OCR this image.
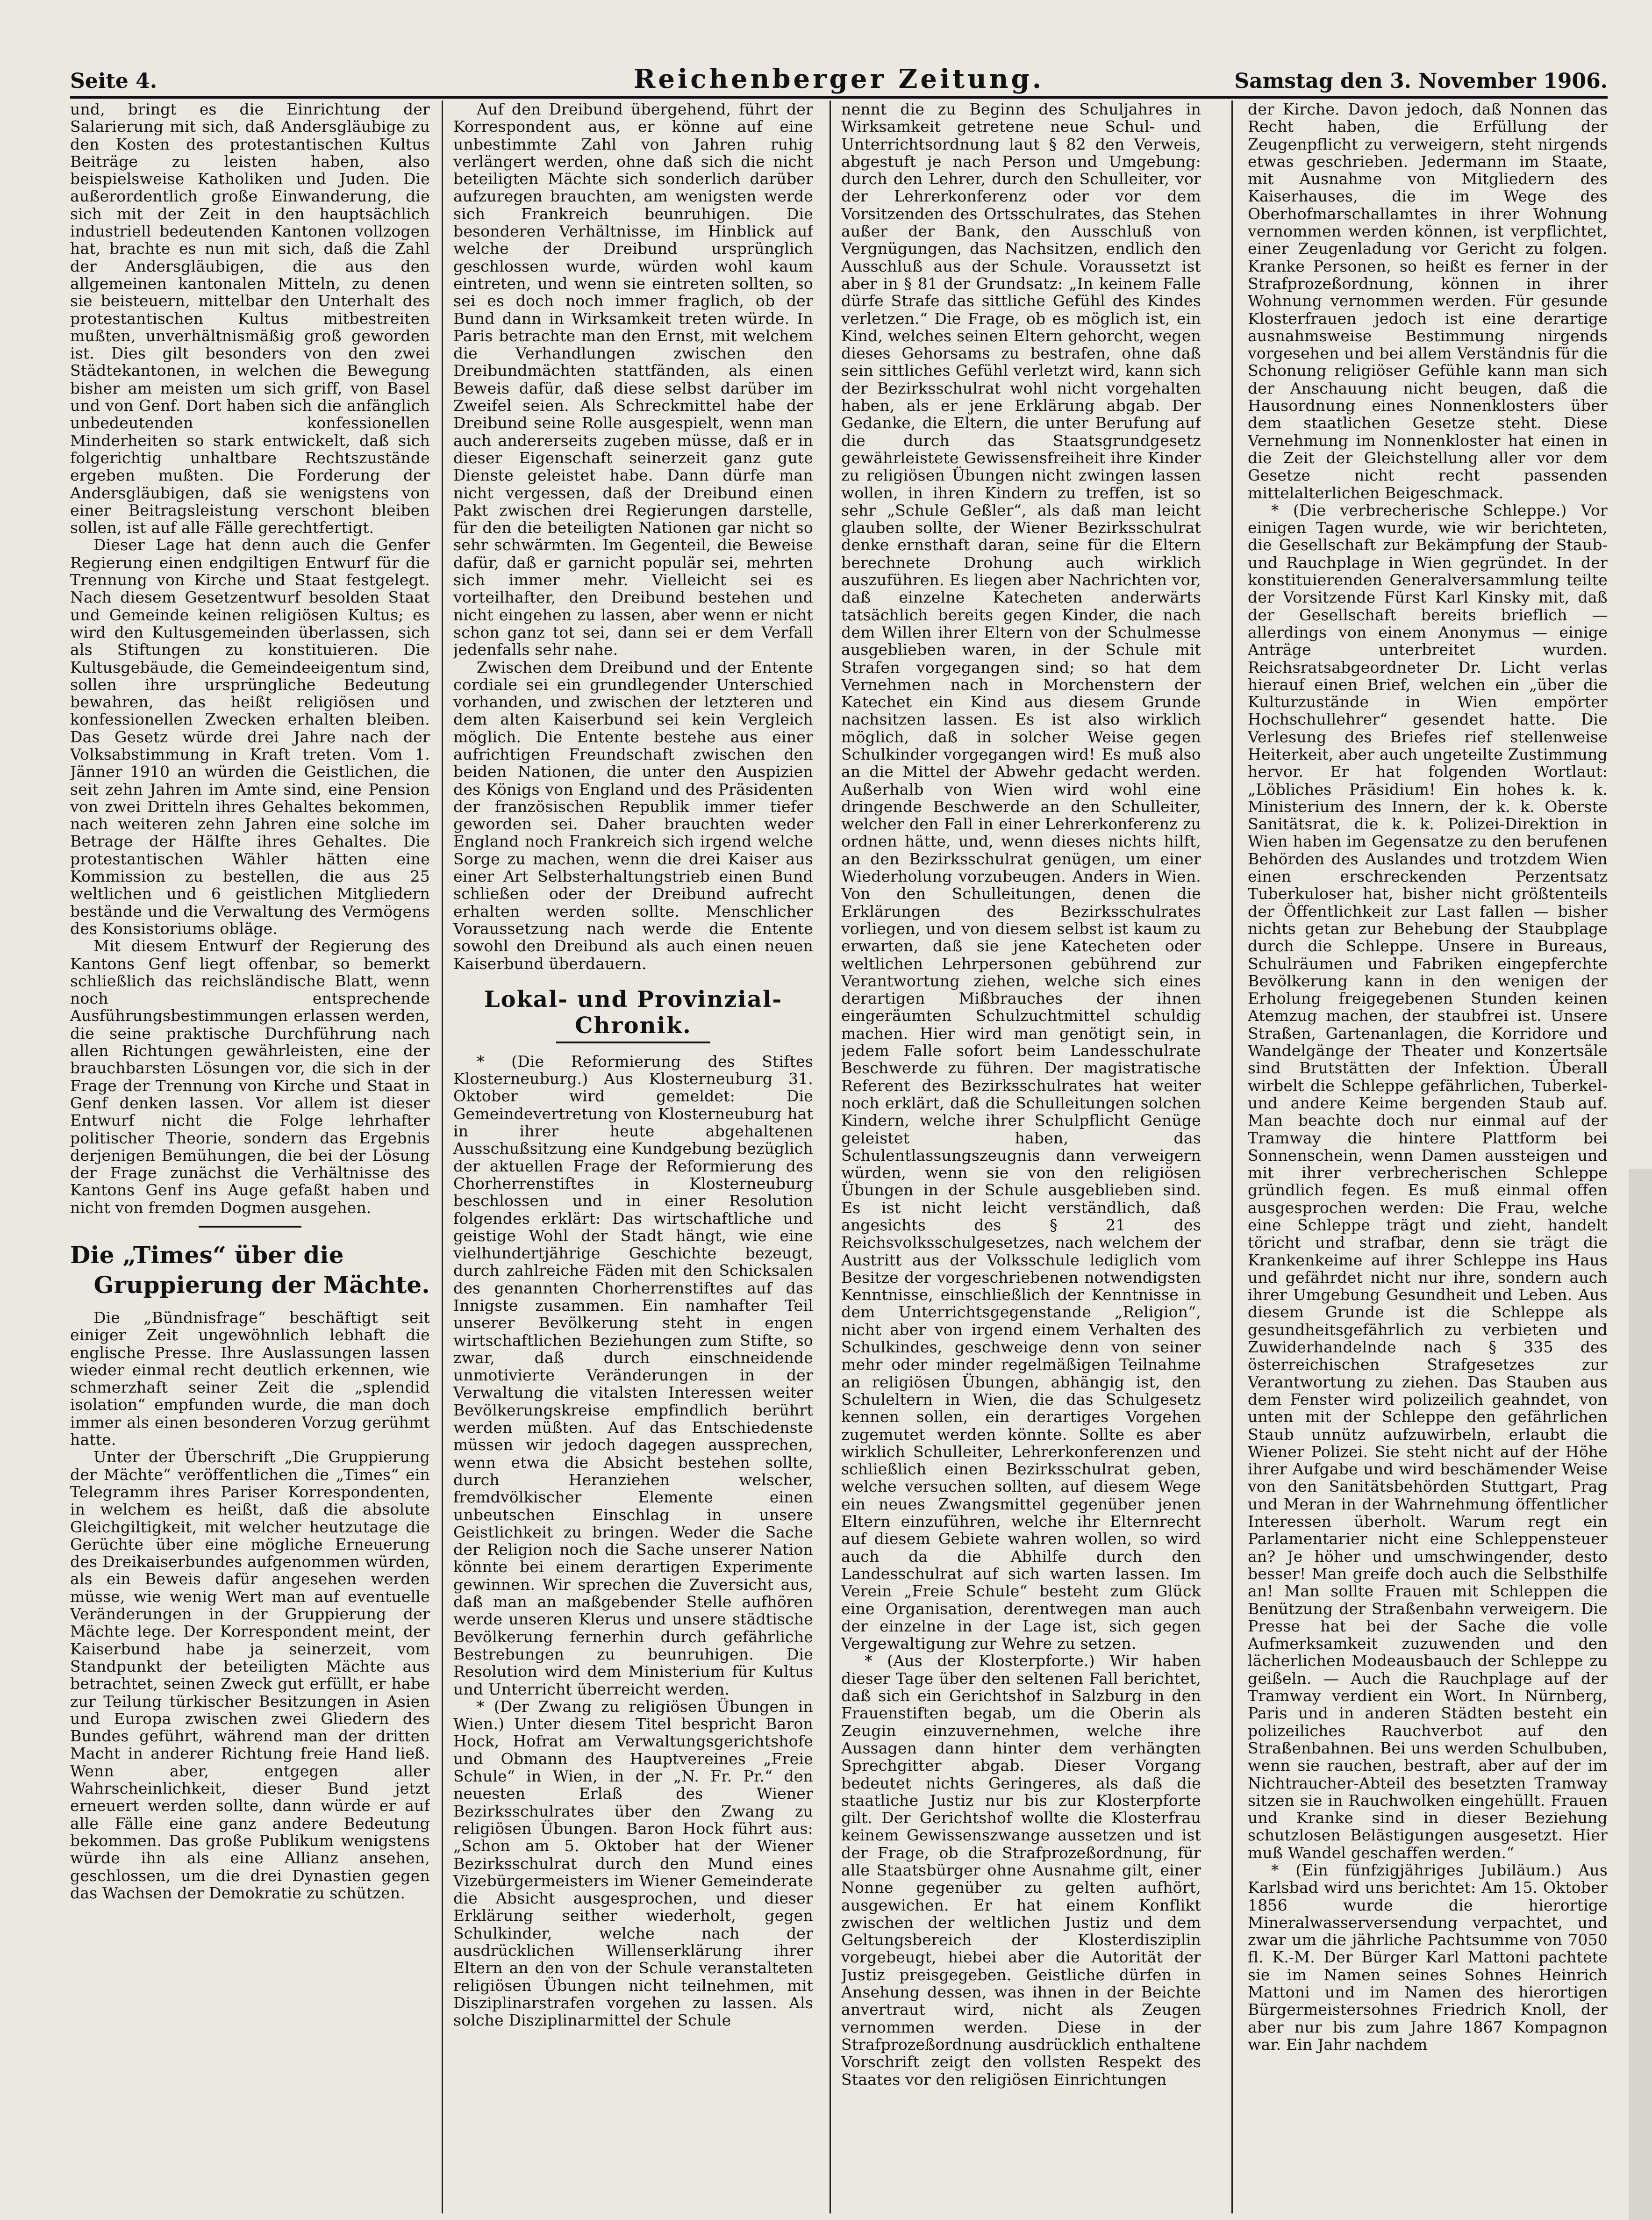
Seite 4.	Reichenberger Zeitung.	Samstag den 3. November 1906.

und, bringt es die Einrichtung der Salarierung mit sich, daß Andersgläubige zu den Kosten des protestantischen Kultus Beiträge zu leisten haben, also beispielsweise Katholiken und Juden. Die außerordentlich große Einwanderung, die sich mit der Zeit in den hauptsächlich industriell bedeutenden Kantonen vollzogen hat, brachte es nun mit sich, daß die Zahl der Andersgläubigen, die aus den allgemeinen kantonalen Mitteln, zu denen sie beisteuern, mittelbar den Unterhalt des protestantischen Kultus mitbestreiten mußten, unverhältnismäßig groß geworden ist. Dies gilt besonders von den zwei Städtekantonen, in welchen die Bewegung bisher am meisten um sich griff, von Basel und von Genf. Dort haben sich die anfänglich unbedeutenden konfessionellen Minderheiten so stark entwickelt, daß sich folgerichtig unhaltbare Rechtszustände ergeben mußten. Die Forderung der Andersgläubigen, daß sie wenigstens von einer Beitragsleistung verschont bleiben sollen, ist auf alle Fälle gerechtfertigt.

Dieser Lage hat denn auch die Genfer Regierung einen endgiltigen Entwurf für die Trennung von Kirche und Staat festgelegt. Nach diesem Gesetzentwurf besolden Staat und Gemeinde keinen religiösen Kultus; es wird den Kultusgemeinden überlassen, sich als Stiftungen zu konstituieren. Die Kultusgebäude, die Gemeindeeigentum sind, sollen ihre ursprüngliche Bedeutung bewahren, das heißt religiösen und konfessionellen Zwecken erhalten bleiben. Das Gesetz würde drei Jahre nach der Volksabstimmung in Kraft treten. Vom 1. Jänner 1910 an würden die Geistlichen, die seit zehn Jahren im Amte sind, eine Pension von zwei Dritteln ihres Gehaltes bekommen, nach weiteren zehn Jahren eine solche im Betrage der Hälfte ihres Gehaltes. Die protestantischen Wähler hätten eine Kommission zu bestellen, die aus 25 weltlichen und 6 geistlichen Mitgliedern bestände und die Verwaltung des Vermögens des Konsistoriums obläge.

Mit diesem Entwurf der Regierung des Kantons Genf liegt offenbar, so bemerkt schließlich das reichsländische Blatt, wenn noch entsprechende Ausführungsbestimmungen erlassen werden, die seine praktische Durchführung nach allen Richtungen gewährleisten, eine der brauchbarsten Lösungen vor, die sich in der Frage der Trennung von Kirche und Staat in Genf denken lassen. Vor allem ist dieser Entwurf nicht die Folge lehrhafter politischer Theorie, sondern das Ergebnis derjenigen Bemühungen, die bei der Lösung der Frage zunächst die Verhältnisse des Kantons Genf ins Auge gefaßt haben und nicht von fremden Dogmen ausgehen.

Die „Times“ über die
Gruppierung der Mächte.

Die „Bündnisfrage“ beschäftigt seit einiger Zeit ungewöhnlich lebhaft die englische Presse. Ihre Auslassungen lassen wieder einmal recht deutlich erkennen, wie schmerzhaft seiner Zeit die „splendid isolation“ empfunden wurde, die man doch immer als einen besonderen Vorzug gerühmt hatte.

Unter der Überschrift „Die Gruppierung der Mächte“ veröffentlichen die „Times“ ein Telegramm ihres Pariser Korrespondenten, in welchem es heißt, daß die absolute Gleichgiltigkeit, mit welcher heutzutage die Gerüchte über eine mögliche Erneuerung des Dreikaiserbundes aufgenommen würden, als ein Beweis dafür angesehen werden müsse, wie wenig Wert man auf eventuelle Veränderungen in der Gruppierung der Mächte lege. Der Korrespondent meint, der Kaiserbund habe ja seinerzeit, vom Standpunkt der beteiligten Mächte aus betrachtet, seinen Zweck gut erfüllt, er habe zur Teilung türkischer Besitzungen in Asien und Europa zwischen zwei Gliedern des Bundes geführt, während man der dritten Macht in anderer Richtung freie Hand ließ. Wenn aber, entgegen aller Wahrscheinlichkeit, dieser Bund jetzt erneuert werden sollte, dann würde er auf alle Fälle eine ganz andere Bedeutung bekommen. Das große Publikum wenigstens würde ihn als eine Allianz ansehen, geschlossen, um die drei Dynastien gegen das Wachsen der Demokratie zu schützen.

Auf den Dreibund übergehend, führt der Korrespondent aus, er könne auf eine unbestimmte Zahl von Jahren ruhig verlängert werden, ohne daß sich die nicht beteiligten Mächte sich sonderlich darüber aufzuregen brauchten, am wenigsten werde sich Frankreich beunruhigen. Die besonderen Verhältnisse, im Hinblick auf welche der Dreibund ursprünglich geschlossen wurde, würden wohl kaum eintreten, und wenn sie eintreten sollten, so sei es doch noch immer fraglich, ob der Bund dann in Wirksamkeit treten würde. In Paris betrachte man den Ernst, mit welchem die Verhandlungen zwischen den Dreibundmächten stattfänden, als einen Beweis dafür, daß diese selbst darüber im Zweifel seien. Als Schreckmittel habe der Dreibund seine Rolle ausgespielt, wenn man auch andererseits zugeben müsse, daß er in dieser Eigenschaft seinerzeit ganz gute Dienste geleistet habe. Dann dürfe man nicht vergessen, daß der Dreibund einen Pakt zwischen drei Regierungen darstelle, für den die beteiligten Nationen gar nicht so sehr schwärmten. Im Gegenteil, die Beweise dafür, daß er garnicht populär sei, mehrten sich immer mehr. Vielleicht sei es vorteilhafter, den Dreibund bestehen und nicht eingehen zu lassen, aber wenn er nicht schon ganz tot sei, dann sei er dem Verfall jedenfalls sehr nahe.

Zwischen dem Dreibund und der Entente cordiale sei ein grundlegender Unterschied vorhanden, und zwischen der letzteren und dem alten Kaiserbund sei kein Vergleich möglich. Die Entente bestehe aus einer aufrichtigen Freundschaft zwischen den beiden Nationen, die unter den Auspizien des Königs von England und des Präsidenten der französischen Republik immer tiefer geworden sei. Daher brauchten weder England noch Frankreich sich irgend welche Sorge zu machen, wenn die drei Kaiser aus einer Art Selbsterhaltungstrieb einen Bund schließen oder der Dreibund aufrecht erhalten werden sollte. Menschlicher Voraussetzung nach werde die Entente sowohl den Dreibund als auch einen neuen Kaiserbund überdauern.

Lokal- und Provinzial-Chronik.

* (Die Reformierung des Stiftes Klosterneuburg.) Aus Klosterneuburg 31. Oktober wird gemeldet: Die Gemeindevertretung von Klosterneuburg hat in ihrer heute abgehaltenen Ausschußsitzung eine Kundgebung bezüglich der aktuellen Frage der Reformierung des Chorherrenstiftes in Klosterneuburg beschlossen und in einer Resolution folgendes erklärt: Das wirtschaftliche und geistige Wohl der Stadt hängt, wie eine vielhundertjährige Geschichte bezeugt, durch zahlreiche Fäden mit den Schicksalen des genannten Chorherrenstiftes auf das Innigste zusammen. Ein namhafter Teil unserer Bevölkerung steht in engen wirtschaftlichen Beziehungen zum Stifte, so zwar, daß durch einschneidende unmotivierte Veränderungen in der Verwaltung die vitalsten Interessen weiter Bevölkerungskreise empfindlich berührt werden müßten. Auf das Entschiedenste müssen wir jedoch dagegen aussprechen, wenn etwa die Absicht bestehen sollte, durch Heranziehen welscher, fremdvölkischer Elemente einen unbeutschen Einschlag in unsere Geistlichkeit zu bringen. Weder die Sache der Religion noch die Sache unserer Nation könnte bei einem derartigen Experimente gewinnen. Wir sprechen die Zuversicht aus, daß man an maßgebender Stelle aufhören werde unseren Klerus und unsere städtische Bevölkerung fernerhin durch gefährliche Bestrebungen zu beunruhigen. Die Resolution wird dem Ministerium für Kultus und Unterricht überreicht werden.

* (Der Zwang zu religiösen Übungen in Wien.) Unter diesem Titel bespricht Baron Hock, Hofrat am Verwaltungsgerichtshofe und Obmann des Hauptvereines „Freie Schule“ in Wien, in der „N. Fr. Pr.“ den neuesten Erlaß des Wiener Bezirksschulrates über den Zwang zu religiösen Übungen. Baron Hock führt aus: „Schon am 5. Oktober hat der Wiener Bezirksschulrat durch den Mund eines Vizebürgermeisters im Wiener Gemeinderate die Absicht ausgesprochen, und dieser Erklärung seither wiederholt, gegen Schulkinder, welche nach der ausdrücklichen Willenserklärung ihrer Eltern an den von der Schule veranstalteten religiösen Übungen nicht teilnehmen, mit Disziplinarstrafen vorgehen zu lassen. Als solche Disziplinarmittel der Schule

nennt die zu Beginn des Schuljahres in Wirksamkeit getretene neue Schul- und Unterrichtsordnung laut § 82 den Verweis, abgestuft je nach Person und Umgebung: durch den Lehrer, durch den Schulleiter, vor der Lehrerkonferenz oder vor dem Vorsitzenden des Ortsschulrates, das Stehen außer der Bank, den Ausschluß von Vergnügungen, das Nachsitzen, endlich den Ausschluß aus der Schule. Voraussetzt ist aber in § 81 der Grundsatz: „In keinem Falle dürfe Strafe das sittliche Gefühl des Kindes verletzen.“ Die Frage, ob es möglich ist, ein Kind, welches seinen Eltern gehorcht, wegen dieses Gehorsams zu bestrafen, ohne daß sein sittliches Gefühl verletzt wird, kann sich der Bezirksschulrat wohl nicht vorgehalten haben, als er jene Erklärung abgab. Der Gedanke, die Eltern, die unter Berufung auf die durch das Staatsgrundgesetz gewährleistete Gewissensfreiheit ihre Kinder zu religiösen Übungen nicht zwingen lassen wollen, in ihren Kindern zu treffen, ist so sehr „Schule Geßler“, als daß man leicht glauben sollte, der Wiener Bezirksschulrat denke ernsthaft daran, seine für die Eltern berechnete Drohung auch wirklich auszuführen. Es liegen aber Nachrichten vor, daß einzelne Katecheten anderwärts tatsächlich bereits gegen Kinder, die nach dem Willen ihrer Eltern von der Schulmesse ausgeblieben waren, in der Schule mit Strafen vorgegangen sind; so hat dem Vernehmen nach in Morchenstern der Katechet ein Kind aus diesem Grunde nachsitzen lassen. Es ist also wirklich möglich, daß in solcher Weise gegen Schulkinder vorgegangen wird! Es muß also an die Mittel der Abwehr gedacht werden. Außerhalb von Wien wird wohl eine dringende Beschwerde an den Schulleiter, welcher den Fall in einer Lehrerkonferenz zu ordnen hätte, und, wenn dieses nichts hilft, an den Bezirksschulrat genügen, um einer Wiederholung vorzubeugen. Anders in Wien. Von den Schulleitungen, denen die Erklärungen des Bezirksschulrates vorliegen, und von diesem selbst ist kaum zu erwarten, daß sie jene Katecheten oder weltlichen Lehrpersonen gebührend zur Verantwortung ziehen, welche sich eines derartigen Mißbrauches der ihnen eingeräumten Schulzuchtmittel schuldig machen. Hier wird man genötigt sein, in jedem Falle sofort beim Landesschulrate Beschwerde zu führen. Der magistratische Referent des Bezirksschulrates hat weiter noch erklärt, daß die Schulleitungen solchen Kindern, welche ihrer Schulpflicht Genüge geleistet haben, das Schulentlassungszeugnis dann verweigern würden, wenn sie von den religiösen Übungen in der Schule ausgeblieben sind. Es ist nicht leicht verständlich, daß angesichts des § 21 des Reichsvolksschulgesetzes, nach welchem der Austritt aus der Volksschule lediglich vom Besitze der vorgeschriebenen notwendigsten Kenntnisse, einschließlich der Kenntnisse in dem Unterrichtsgegenstande „Religion“, nicht aber von irgend einem Verhalten des Schulkindes, geschweige denn von seiner mehr oder minder regelmäßigen Teilnahme an religiösen Übungen, abhängig ist, den Schuleltern in Wien, die das Schulgesetz kennen sollen, ein derartiges Vorgehen zugemutet werden könnte. Sollte es aber wirklich Schulleiter, Lehrerkonferenzen und schließlich einen Bezirksschulrat geben, welche versuchen sollten, auf diesem Wege ein neues Zwangsmittel gegenüber jenen Eltern einzuführen, welche ihr Elternrecht auf diesem Gebiete wahren wollen, so wird auch da die Abhilfe durch den Landesschulrat auf sich warten lassen. Im Verein „Freie Schule“ besteht zum Glück eine Organisation, derentwegen man auch der einzelne in der Lage ist, sich gegen Vergewaltigung zur Wehre zu setzen.

* (Aus der Klosterpforte.) Wir haben dieser Tage über den seltenen Fall berichtet, daß sich ein Gerichtshof in Salzburg in den Frauenstiften begab, um die Oberin als Zeugin einzuvernehmen, welche ihre Aussagen dann hinter dem verhängten Sprechgitter abgab. Dieser Vorgang bedeutet nichts Geringeres, als daß die staatliche Justiz nur bis zur Klosterpforte gilt. Der Gerichtshof wollte die Klosterfrau keinem Gewissenszwange aussetzen und ist der Frage, ob die Strafprozeßordnung, für alle Staatsbürger ohne Ausnahme gilt, einer Nonne gegenüber zu gelten aufhört, ausgewichen. Er hat einem Konflikt zwischen der weltlichen Justiz und dem Geltungsbereich der Klosterdisziplin vorgebeugt, hiebei aber die Autorität der Justiz preisgegeben. Geistliche dürfen in Ansehung dessen, was ihnen in der Beichte anvertraut wird, nicht als Zeugen vernommen werden. Diese in der Strafprozeßordnung ausdrücklich enthaltene Vorschrift zeigt den vollsten Respekt des Staates vor den religiösen Einrichtungen

der Kirche. Davon jedoch, daß Nonnen das Recht haben, die Erfüllung der Zeugenpflicht zu verweigern, steht nirgends etwas geschrieben. Jedermann im Staate, mit Ausnahme von Mitgliedern des Kaiserhauses, die im Wege des Oberhofmarschallamtes in ihrer Wohnung vernommen werden können, ist verpflichtet, einer Zeugenladung vor Gericht zu folgen. Kranke Personen, so heißt es ferner in der Strafprozeßordnung, können in ihrer Wohnung vernommen werden. Für gesunde Klosterfrauen jedoch ist eine derartige ausnahmsweise Bestimmung nirgends vorgesehen und bei allem Verständnis für die Schonung religiöser Gefühle kann man sich der Anschauung nicht beugen, daß die Hausordnung eines Nonnenklosters über dem staatlichen Gesetze steht. Diese Vernehmung im Nonnenkloster hat einen in die Zeit der Gleichstellung aller vor dem Gesetze nicht recht passenden mittelalterlichen Beigeschmack.

* (Die verbrecherische Schleppe.) Vor einigen Tagen wurde, wie wir berichteten, die Gesellschaft zur Bekämpfung der Staub- und Rauchplage in Wien gegründet. In der konstituierenden Generalversammlung teilte der Vorsitzende Fürst Karl Kinsky mit, daß der Gesellschaft bereits brieflich — allerdings von einem Anonymus — einige Anträge unterbreitet wurden. Reichsratsabgeordneter Dr. Licht verlas hierauf einen Brief, welchen ein „über die Kulturzustände in Wien empörter Hochschullehrer“ gesendet hatte. Die Verlesung des Briefes rief stellenweise Heiterkeit, aber auch ungeteilte Zustimmung hervor. Er hat folgenden Wortlaut: „Löbliches Präsidium! Ein hohes k. k. Ministerium des Innern, der k. k. Oberste Sanitätsrat, die k. k. Polizei-Direktion in Wien haben im Gegensatze zu den berufenen Behörden des Auslandes und trotzdem Wien einen erschreckenden Perzentsatz Tuberkuloser hat, bisher nicht größtenteils der Öffentlichkeit zur Last fallen — bisher nichts getan zur Behebung der Staubplage durch die Schleppe. Unsere in Bureaus, Schulräumen und Fabriken eingepferchte Bevölkerung kann in den wenigen der Erholung freigegebenen Stunden keinen Atemzug machen, der staubfrei ist. Unsere Straßen, Gartenanlagen, die Korridore und Wandelgänge der Theater und Konzertsäle sind Brutstätten der Infektion. Überall wirbelt die Schleppe gefährlichen, Tuberkel- und andere Keime bergenden Staub auf. Man beachte doch nur einmal auf der Tramway die hintere Plattform bei Sonnenschein, wenn Damen aussteigen und mit ihrer verbrecherischen Schleppe gründlich fegen. Es muß einmal offen ausgesprochen werden: Die Frau, welche eine Schleppe trägt und zieht, handelt töricht und strafbar, denn sie trägt die Krankenkeime auf ihrer Schleppe ins Haus und gefährdet nicht nur ihre, sondern auch ihrer Umgebung Gesundheit und Leben. Aus diesem Grunde ist die Schleppe als gesundheitsgefährlich zu verbieten und Zuwiderhandelnde nach § 335 des österreichischen Strafgesetzes zur Verantwortung zu ziehen. Das Stauben aus dem Fenster wird polizeilich geahndet, von unten mit der Schleppe den gefährlichen Staub unnütz aufzuwirbeln, erlaubt die Wiener Polizei. Sie steht nicht auf der Höhe ihrer Aufgabe und wird beschämender Weise von den Sanitätsbehörden Stuttgart, Prag und Meran in der Wahrnehmung öffentlicher Interessen überholt. Warum regt ein Parlamentarier nicht eine Schleppensteuer an? Je höher und umschwingender, desto besser! Man greife doch auch die Selbsthilfe an! Man sollte Frauen mit Schleppen die Benützung der Straßenbahn verweigern. Die Presse hat bei der Sache die volle Aufmerksamkeit zuzuwenden und den lächerlichen Modeausbauch der Schleppe zu geißeln. — Auch die Rauchplage auf der Tramway verdient ein Wort. In Nürnberg, Paris und in anderen Städten besteht ein polizeiliches Rauchverbot auf den Straßenbahnen. Bei uns werden Schulbuben, wenn sie rauchen, bestraft, aber auf der im Nichtraucher-Abteil des besetzten Tramway sitzen sie in Rauchwolken eingehüllt. Frauen und Kranke sind in dieser Beziehung schutzlosen Belästigungen ausgesetzt. Hier muß Wandel geschaffen werden.“

* (Ein fünfzigjähriges Jubiläum.) Aus Karlsbad wird uns berichtet: Am 15. Oktober 1856 wurde die hierortige Mineralwasserversendung verpachtet, und zwar um die jährliche Pachtsumme von 7050 fl. K.-M. Der Bürger Karl Mattoni pachtete sie im Namen seines Sohnes Heinrich Mattoni und im Namen des hierortigen Bürgermeistersohnes Friedrich Knoll, der aber nur bis zum Jahre 1867 Kompagnon war. Ein Jahr nachdem
